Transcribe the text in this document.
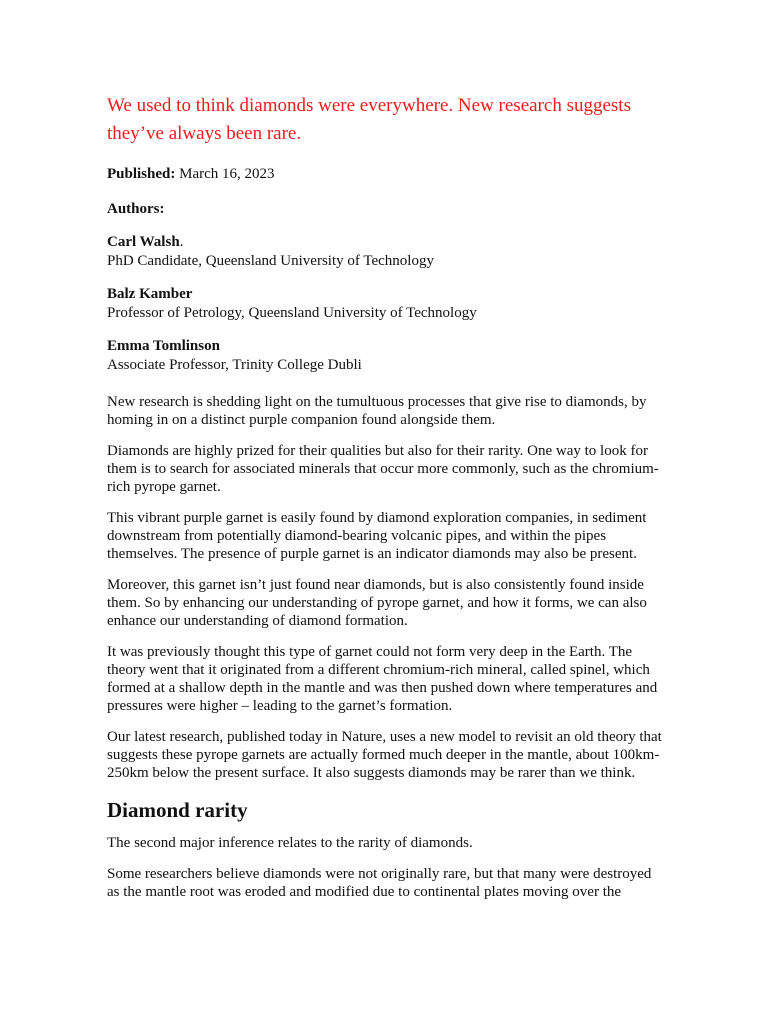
We used to think diamonds were everywhere. New research suggests they’ve always been rare.

Published: March 16, 2023

Authors:

Carl Walsh.
PhD Candidate, Queensland University of Technology
Balz Kamber
Professor of Petrology, Queensland University of Technology
Emma Tomlinson
Associate Professor, Trinity College Dubli

New research is shedding light on the tumultuous processes that give rise to diamonds, by homing in on a distinct purple companion found alongside them.

Diamonds are highly prized for their qualities but also for their rarity. One way to look for them is to search for associated minerals that occur more commonly, such as the chromium-rich pyrope garnet.

This vibrant purple garnet is easily found by diamond exploration companies, in sediment downstream from potentially diamond-bearing volcanic pipes, and within the pipes themselves. The presence of purple garnet is an indicator diamonds may also be present.

Moreover, this garnet isn’t just found near diamonds, but is also consistently found inside them. So by enhancing our understanding of pyrope garnet, and how it forms, we can also enhance our understanding of diamond formation.

It was previously thought this type of garnet could not form very deep in the Earth. The theory went that it originated from a different chromium-rich mineral, called spinel, which formed at a shallow depth in the mantle and was then pushed down where temperatures and pressures were higher – leading to the garnet’s formation.

Our latest research, published today in Nature, uses a new model to revisit an old theory that suggests these pyrope garnets are actually formed much deeper in the mantle, about 100km-250km below the present surface. It also suggests diamonds may be rarer than we think.

Diamond rarity

The second major inference relates to the rarity of diamonds.

Some researchers believe diamonds were not originally rare, but that many were destroyed as the mantle root was eroded and modified due to continental plates moving over the
